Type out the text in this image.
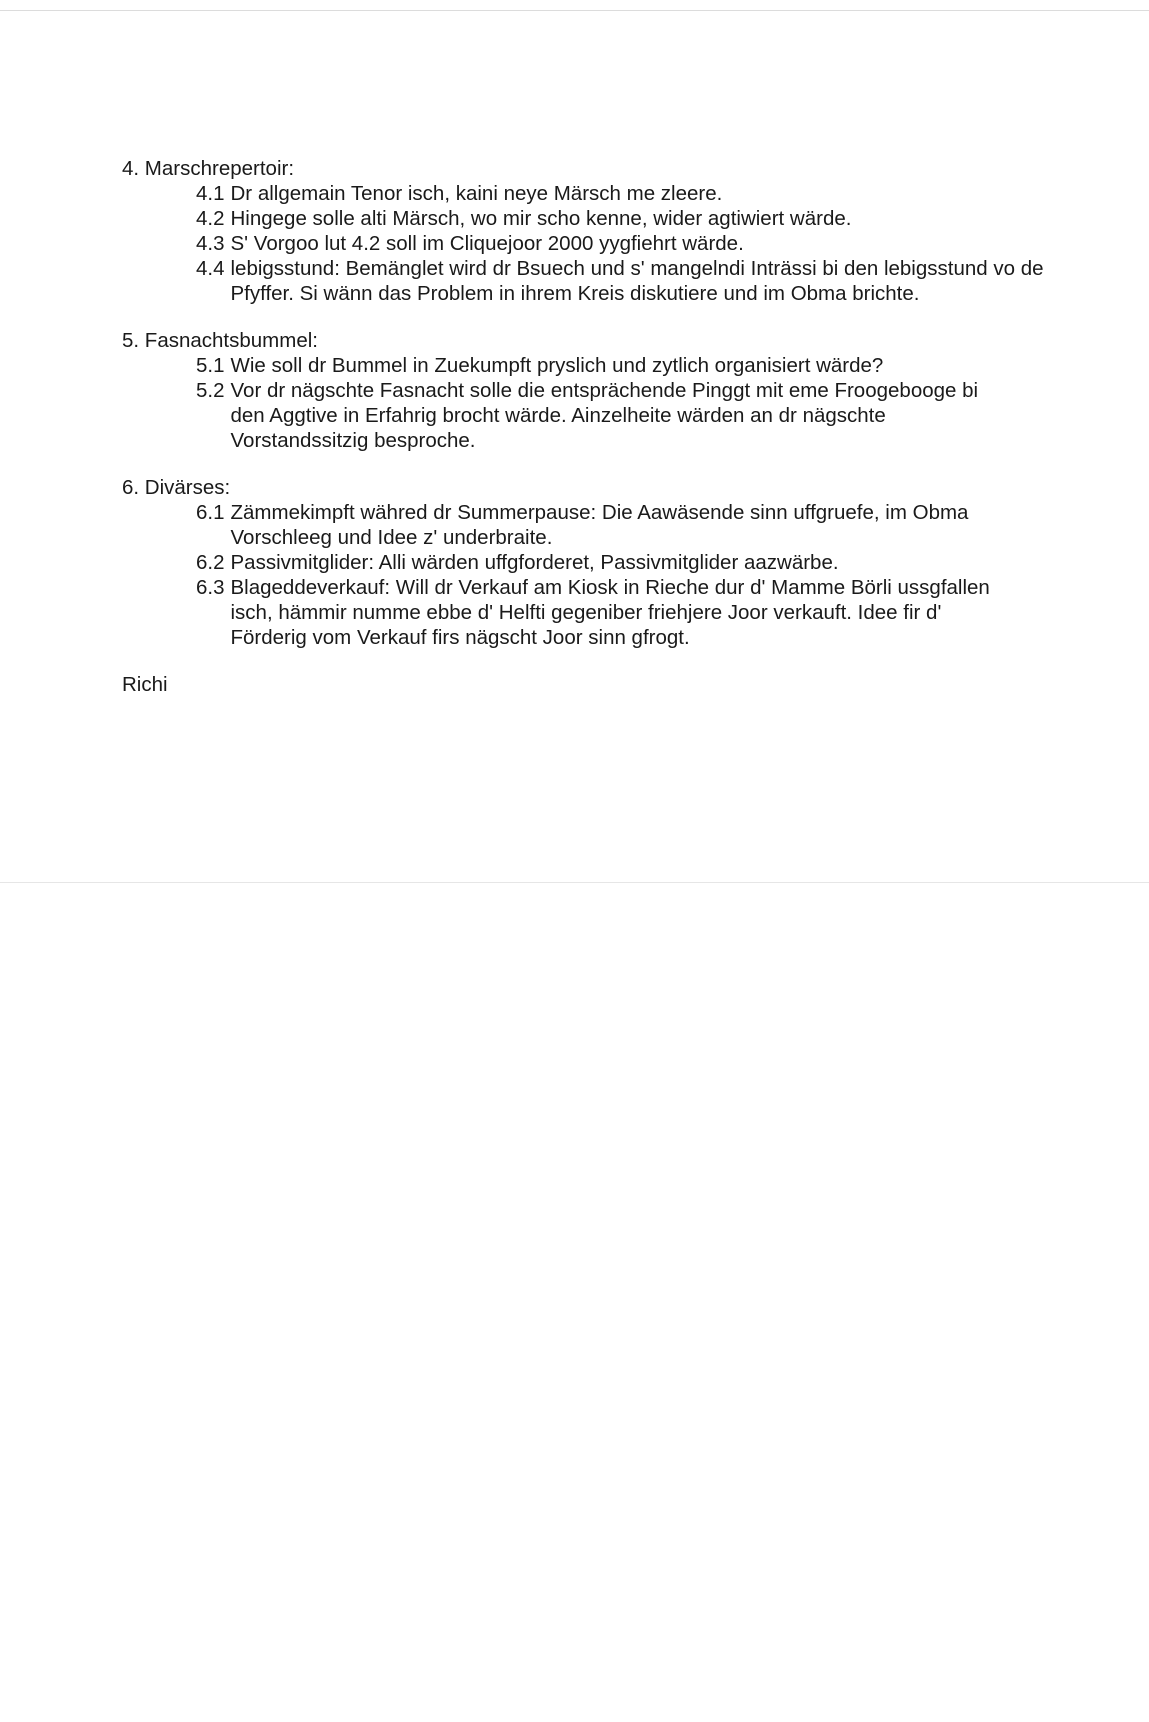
4. Marschrepertoir:

4.1 Dr allgemain Tenor isch, kaini neye Märsch me zleere.
4.2 Hingege solle alti Märsch, wo mir scho kenne, wider agtiwiert wärde.
4.3 S' Vorgoo lut 4.2 soll im Cliquejoor 2000 yygfiehrt wärde.
4.4 lebigsstund: Bemänglet wird dr Bsuech und s' mangelndi Inträssi bi den lebigsstund vo de Pfyffer. Si wänn das Problem in ihrem Kreis diskutiere und im Obma brichte.

5. Fasnachtsbummel:

5.1 Wie soll dr Bummel in Zuekumpft pryslich und zytlich organisiert wärde?
5.2 Vor dr nägschte Fasnacht solle die entsprächende Pinggt mit eme Froogebooge bi den Aggtive in Erfahrig brocht wärde. Ainzelheite wärden an dr nägschte Vorstandssitzig besproche.

6. Divärses:

6.1 Zämmekimpft währed dr Summerpause: Die Aawäsende sinn uffgruefe, im Obma Vorschleeg und Idee z' underbraite.
6.2 Passivmitglider: Alli wärden uffgforderet, Passivmitglider aazwärbe.
6.3 Blageddeverkauf: Will dr Verkauf am Kiosk in Rieche dur d' Mamme Börli ussgfallen isch, hämmir numme ebbe d' Helfti gegeniber friehjere Joor verkauft. Idee fir d' Förderig vom Verkauf firs nägscht Joor sinn gfrogt.

Richi
